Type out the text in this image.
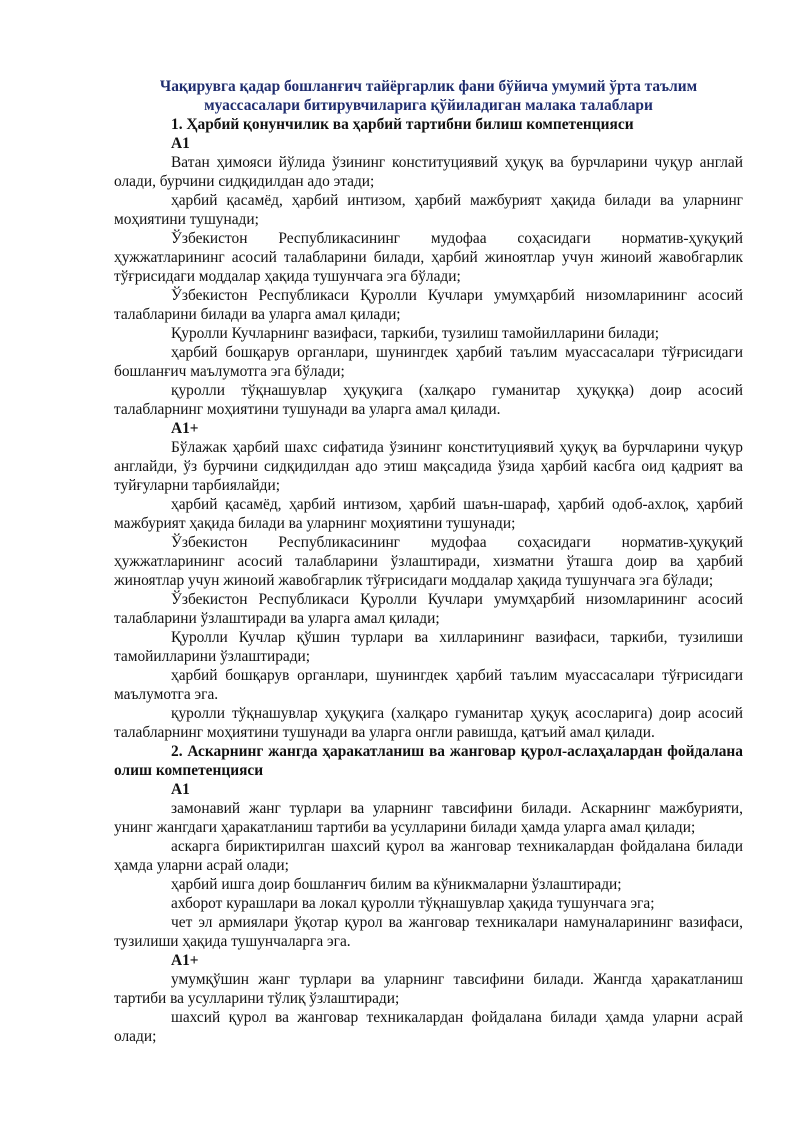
Чақирувга қадар бошланғич тайёргарлик фани бўйича умумий ўрта таълим
муассасалари битирувчиларига қўйиладиган малака талаблари

1. Ҳарбий қонунчилик ва ҳарбий тартибни билиш компетенцияси

А1

Ватан ҳимояси йўлида ўзининг конституциявий ҳуқуқ ва бурчларини чуқур англай олади, бурчини сидқидилдан адо этади;

ҳарбий қасамёд, ҳарбий интизом, ҳарбий мажбурият ҳақида билади ва уларнинг моҳиятини тушунади;

Ўзбекистон Республикасининг мудофаа соҳасидаги норматив-ҳуқуқий ҳужжатларининг асосий талабларини билади, ҳарбий жиноятлар учун жиноий жавобгарлик тўғрисидаги моддалар ҳақида тушунчага эга бўлади;

Ўзбекистон Республикаси Қуролли Кучлари умумҳарбий низомларининг асосий талабларини билади ва уларга амал қилади;

Қуролли Кучларнинг вазифаси, таркиби, тузилиш тамойилларини билади;

ҳарбий бошқарув органлари, шунингдек ҳарбий таълим муассасалари тўғрисидаги бошланғич маълумотга эга бўлади;

қуролли тўқнашувлар ҳуқуқига (халқаро гуманитар ҳуқуққа) доир асосий талабларнинг моҳиятини тушунади ва уларга амал қилади.

А1+

Бўлажак ҳарбий шахс сифатида ўзининг конституциявий ҳуқуқ ва бурчларини чуқур англайди, ўз бурчини сидқидилдан адо этиш мақсадида ўзида ҳарбий касбга оид қадрият ва туйғуларни тарбиялайди;

ҳарбий қасамёд, ҳарбий интизом, ҳарбий шаън-шараф, ҳарбий одоб-ахлоқ, ҳарбий мажбурият ҳақида билади ва уларнинг моҳиятини тушунади;

Ўзбекистон Республикасининг мудофаа соҳасидаги норматив-ҳуқуқий ҳужжатларининг асосий талабларини ўзлаштиради, хизматни ўташга доир ва ҳарбий жиноятлар учун жиноий жавобгарлик тўғрисидаги моддалар ҳақида тушунчага эга бўлади;

Ўзбекистон Республикаси Қуролли Кучлари умумҳарбий низомларининг асосий талабларини ўзлаштиради ва уларга амал қилади;

Қуролли Кучлар қўшин турлари ва хилларининг вазифаси, таркиби, тузилиши тамойилларини ўзлаштиради;

ҳарбий бошқарув органлари, шунингдек ҳарбий таълим муассасалари тўғрисидаги маълумотга эга.

қуролли тўқнашувлар ҳуқуқига (халқаро гуманитар ҳуқуқ асосларига) доир асосий талабларнинг моҳиятини тушунади ва уларга онгли равишда, қатъий амал қилади.

2. Аскарнинг жангда ҳаракатланиш ва жанговар қурол-аслаҳалардан фойдалана олиш компетенцияси

А1

замонавий жанг турлари ва уларнинг тавсифини билади. Аскарнинг мажбурияти, унинг жангдаги ҳаракатланиш тартиби ва усулларини билади ҳамда уларга амал қилади;

аскарга бириктирилган шахсий қурол ва жанговар техникалардан фойдалана билади ҳамда уларни асрай олади;

ҳарбий ишга доир бошланғич билим ва кўникмаларни ўзлаштиради;

ахборот курашлари ва локал қуролли тўқнашувлар ҳақида тушунчага эга;

чет эл армиялари ўқотар қурол ва жанговар техникалари намуналарининг вазифаси, тузилиши ҳақида тушунчаларга эга.

А1+

умумқўшин жанг турлари ва уларнинг тавсифини билади. Жангда ҳаракатланиш тартиби ва усулларини тўлиқ ўзлаштиради;

шахсий қурол ва жанговар техникалардан фойдалана билади ҳамда уларни асрай олади;
